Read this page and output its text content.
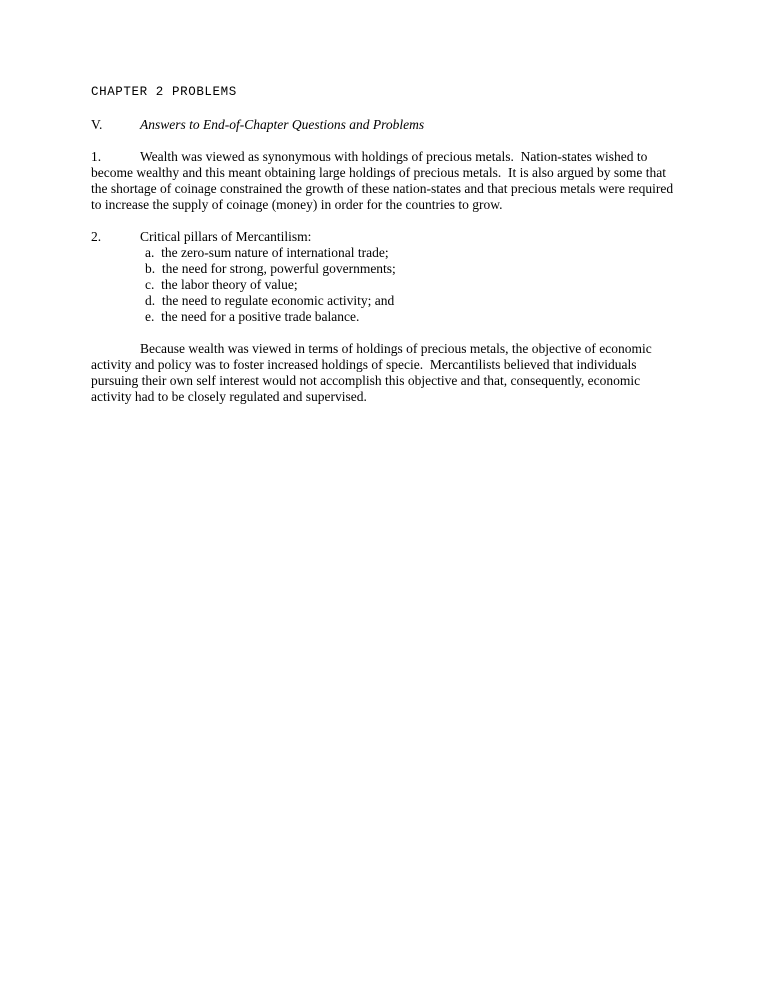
CHAPTER 2 PROBLEMS

V.	Answers to End-of-Chapter Questions and Problems

1.	Wealth was viewed as synonymous with holdings of precious metals.  Nation-states wished to become wealthy and this meant obtaining large holdings of precious metals.  It is also argued by some that the shortage of coinage constrained the growth of these nation-states and that precious metals were required to increase the supply of coinage (money) in order for the countries to grow.

2.	Critical pillars of Mercantilism:

a.  the zero-sum nature of international trade;
b.  the need for strong, powerful governments;
c.  the labor theory of value;
d.  the need to regulate economic activity; and
e.  the need for a positive trade balance.

Because wealth was viewed in terms of holdings of precious metals, the objective of economic activity and policy was to foster increased holdings of specie.  Mercantilists believed that individuals pursuing their own self interest would not accomplish this objective and that, consequently, economic activity had to be closely regulated and supervised.
